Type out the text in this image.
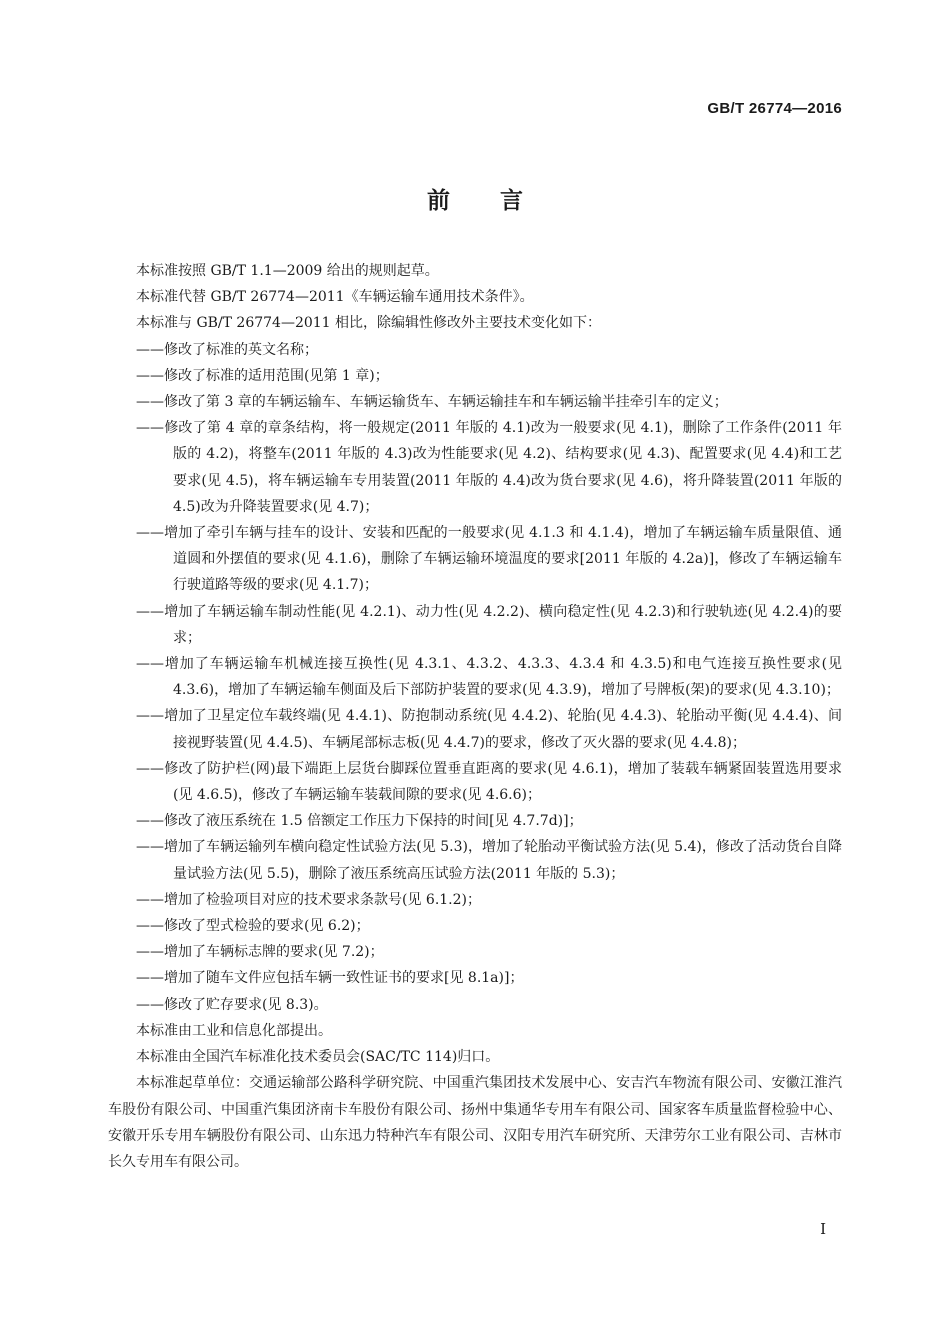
GB/T 26774—2016
前言

本标准按照 GB/T 1.1—2009 给出的规则起草。

本标准代替 GB/T 26774—2011《车辆运输车通用技术条件》。

本标准与 GB/T 26774—2011 相比，除编辑性修改外主要技术变化如下：

——修改了标准的英文名称；

——修改了标准的适用范围(见第 1 章)；

——修改了第 3 章的车辆运输车、车辆运输货车、车辆运输挂车和车辆运输半挂牵引车的定义；

——修改了第 4 章的章条结构，将一般规定(2011 年版的 4.1)改为一般要求(见 4.1)，删除了工作条件(2011 年版的 4.2)，将整车(2011 年版的 4.3)改为性能要求(见 4.2)、结构要求(见 4.3)、配置要求(见 4.4)和工艺要求(见 4.5)，将车辆运输车专用装置(2011 年版的 4.4)改为货台要求(见 4.6)，将升降装置(2011 年版的 4.5)改为升降装置要求(见 4.7)；

——增加了牵引车辆与挂车的设计、安装和匹配的一般要求(见 4.1.3 和 4.1.4)，增加了车辆运输车质量限值、通道圆和外摆值的要求(见 4.1.6)，删除了车辆运输环境温度的要求[2011 年版的 4.2a)]，修改了车辆运输车行驶道路等级的要求(见 4.1.7)；

——增加了车辆运输车制动性能(见 4.2.1)、动力性(见 4.2.2)、横向稳定性(见 4.2.3)和行驶轨迹(见 4.2.4)的要求；

——增加了车辆运输车机械连接互换性(见 4.3.1、4.3.2、4.3.3、4.3.4 和 4.3.5)和电气连接互换性要求(见 4.3.6)，增加了车辆运输车侧面及后下部防护装置的要求(见 4.3.9)，增加了号牌板(架)的要求(见 4.3.10)；

——增加了卫星定位车载终端(见 4.4.1)、防抱制动系统(见 4.4.2)、轮胎(见 4.4.3)、轮胎动平衡(见 4.4.4)、间接视野装置(见 4.4.5)、车辆尾部标志板(见 4.4.7)的要求，修改了灭火器的要求(见 4.4.8)；

——修改了防护栏(网)最下端距上层货台脚踩位置垂直距离的要求(见 4.6.1)，增加了装载车辆紧固装置选用要求(见 4.6.5)，修改了车辆运输车装载间隙的要求(见 4.6.6)；

——修改了液压系统在 1.5 倍额定工作压力下保持的时间[见 4.7.7d)]；

——增加了车辆运输列车横向稳定性试验方法(见 5.3)，增加了轮胎动平衡试验方法(见 5.4)，修改了活动货台自降量试验方法(见 5.5)，删除了液压系统高压试验方法(2011 年版的 5.3)；

——增加了检验项目对应的技术要求条款号(见 6.1.2)；

——修改了型式检验的要求(见 6.2)；

——增加了车辆标志牌的要求(见 7.2)；

——增加了随车文件应包括车辆一致性证书的要求[见 8.1a)]；

——修改了贮存要求(见 8.3)。

本标准由工业和信息化部提出。

本标准由全国汽车标准化技术委员会(SAC/TC 114)归口。

本标准起草单位：交通运输部公路科学研究院、中国重汽集团技术发展中心、安吉汽车物流有限公司、安徽江淮汽车股份有限公司、中国重汽集团济南卡车股份有限公司、扬州中集通华专用车有限公司、国家客车质量监督检验中心、安徽开乐专用车辆股份有限公司、山东迅力特种汽车有限公司、汉阳专用汽车研究所、天津劳尔工业有限公司、吉林市长久专用车有限公司。

I
